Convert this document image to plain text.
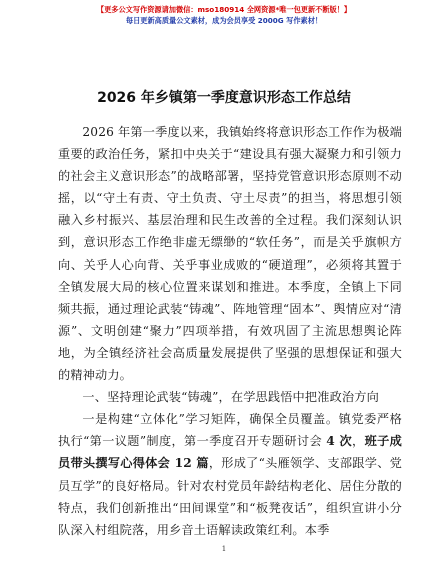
【更多公文写作资源请加微信：mso180914 全网资源*唯一包更新不断版！】
每日更新高质量公文素材，成为会员享受 2000G 写作素材！
2026 年乡镇第一季度意识形态工作总结

2026 年第一季度以来，我镇始终将意识形态工作作为极端重要的政治任务，紧扣中央关于“建设具有强大凝聚力和引领力的社会主义意识形态”的战略部署，坚持党管意识形态原则不动摇，以“守土有责、守土负责、守土尽责”的担当，将思想引领融入乡村振兴、基层治理和民生改善的全过程。我们深刻认识到，意识形态工作绝非虚无缥缈的“软任务”，而是关乎旗帜方向、关乎人心向背、关乎事业成败的“硬道理”，必须将其置于全镇发展大局的核心位置来谋划和推进。本季度，全镇上下同频共振，通过理论武装“铸魂”、阵地管理“固本”、舆情应对“清源”、文明创建“聚力”四项举措，有效巩固了主流思想舆论阵地，为全镇经济社会高质量发展提供了坚强的思想保证和强大的精神动力。

一、坚持理论武装“铸魂”，在学思践悟中把准政治方向

一是构建“立体化”学习矩阵，确保全员覆盖。镇党委严格执行“第一议题”制度，第一季度召开专题研讨会 4 次，班子成员带头撰写心得体会 12 篇，形成了“头雁领学、支部跟学、党员互学”的良好格局。针对农村党员年龄结构老化、居住分散的特点，我们创新推出“田间课堂”和“板凳夜话”，组织宣讲小分队深入村组院落，用乡音土语解读政策红利。本季

1
